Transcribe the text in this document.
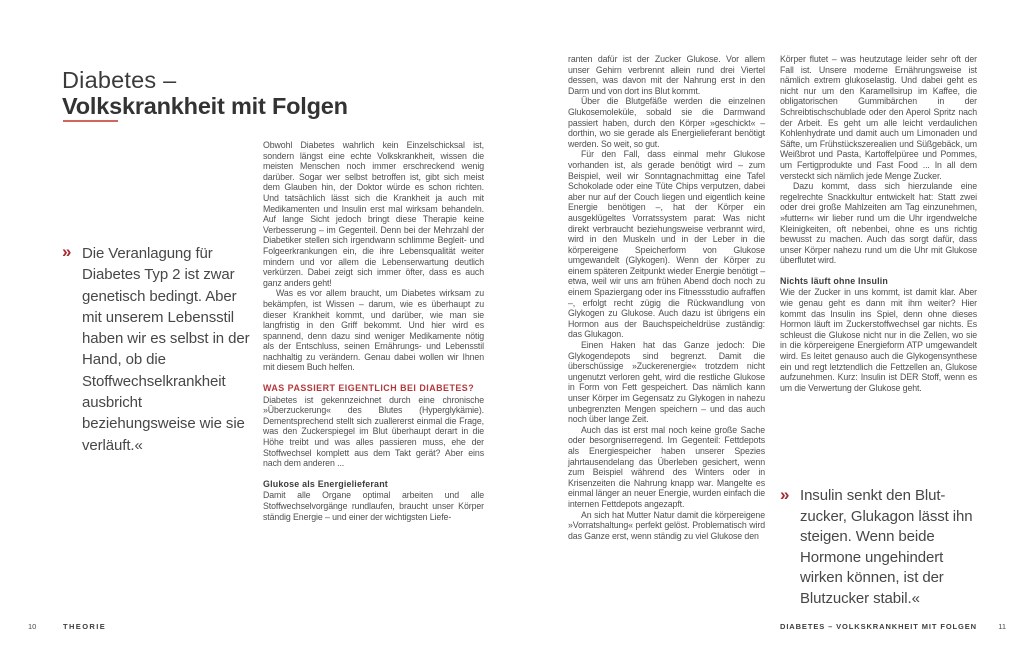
Diabetes –
Volkskrankheit mit Folgen
» Die Veranlagung für Diabetes Typ 2 ist zwar genetisch bedingt. Aber mit unserem Lebensstil haben wir es selbst in der Hand, ob die Stoffwechselkrankheit ausbricht beziehungsweise wie sie verläuft.«

Obwohl Diabetes wahrlich kein Einzelschicksal ist, sondern längst eine echte Volkskrankheit, wissen die meisten Menschen noch immer erschreckend wenig darüber. Sogar wer selbst betroffen ist, gibt sich meist dem Glauben hin, der Doktor würde es schon richten. Und tatsächlich lässt sich die Krankheit ja auch mit Medikamenten und Insulin erst mal wirksam behandeln. Auf lange Sicht jedoch bringt diese Therapie keine Verbesserung – im Gegenteil. Denn bei der Mehrzahl der Diabetiker stellen sich irgendwann schlimme Begleit- und Folgeerkrankungen ein, die ihre Lebensqualität weiter mindern und vor allem die Lebenserwartung deutlich verkürzen. Dabei zeigt sich immer öfter, dass es auch ganz anders geht!

Was es vor allem braucht, um Diabetes wirksam zu bekämpfen, ist Wissen – darum, wie es überhaupt zu dieser Krankheit kommt, und darüber, wie man sie langfristig in den Griff bekommt. Und hier wird es spannend, denn dazu sind weniger Medikamente nötig als der Entschluss, seinen Ernährungs- und Lebensstil nachhaltig zu verändern. Genau dabei wollen wir Ihnen mit diesem Buch helfen.

WAS PASSIERT EIGENTLICH BEI DIABETES?

Diabetes ist gekennzeichnet durch eine chronische »Überzuckerung« des Blutes (Hyperglykämie). Dementsprechend stellt sich zuallererst einmal die Frage, was den Zuckerspiegel im Blut überhaupt derart in die Höhe treibt und was alles passieren muss, ehe der Stoffwechsel komplett aus dem Takt gerät? Aber eins nach dem anderen ...

Glukose als Energielieferant

Damit alle Organe optimal arbeiten und alle Stoffwechselvorgänge rundlaufen, braucht unser Körper ständig Energie – und einer der wichtigsten Liefe-

10	THEORIE

ranten dafür ist der Zucker Glukose. Vor allem unser Gehirn verbrennt allein rund drei Viertel dessen, was davon mit der Nahrung erst in den Darm und von dort ins Blut kommt.

Über die Blutgefäße werden die einzelnen Glukosemoleküle, sobald sie die Darmwand passiert haben, durch den Körper »geschickt« – dorthin, wo sie gerade als Energielieferant benötigt werden. So weit, so gut.

Für den Fall, dass einmal mehr Glukose vorhanden ist, als gerade benötigt wird – zum Beispiel, weil wir Sonntagnachmittag eine Tafel Schokolade oder eine Tüte Chips verputzen, dabei aber nur auf der Couch liegen und eigentlich keine Energie benötigen –, hat der Körper ein ausgeklügeltes Vorratssystem parat: Was nicht direkt verbraucht beziehungsweise verbrannt wird, wird in den Muskeln und in der Leber in die körpereigene Speicherform von Glukose umgewandelt (Glykogen). Wenn der Körper zu einem späteren Zeitpunkt wieder Energie benötigt – etwa, weil wir uns am frühen Abend doch noch zu einem Spaziergang oder ins Fitnessstudio aufraffen –, erfolgt recht zügig die Rückwandlung von Glykogen zu Glukose. Auch dazu ist übrigens ein Hormon aus der Bauchspeicheldrüse zuständig: das Glukagon.

Einen Haken hat das Ganze jedoch: Die Glykogendepots sind begrenzt. Damit die überschüssige »Zuckerenergie« trotzdem nicht ungenutzt verloren geht, wird die restliche Glukose in Form von Fett gespeichert. Das nämlich kann unser Körper im Gegensatz zu Glykogen in nahezu unbegrenzten Mengen speichern – und das auch noch über lange Zeit.

Auch das ist erst mal noch keine große Sache oder besorgniserregend. Im Gegenteil: Fettdepots als Energiespeicher haben unserer Spezies jahrtausendelang das Überleben gesichert, wenn zum Beispiel während des Winters oder in Krisenzeiten die Nahrung knapp war. Mangelte es einmal länger an neuer Energie, wurden einfach die internen Fettdepots angezapft.

An sich hat Mutter Natur damit die körpereigene »Vorratshaltung« perfekt gelöst. Problematisch wird das Ganze erst, wenn ständig zu viel Glukose den

Körper flutet – was heutzutage leider sehr oft der Fall ist. Unsere moderne Ernährungsweise ist nämlich extrem glukoselastig. Und dabei geht es nicht nur um den Karamellsirup im Kaffee, die obligatorischen Gummibärchen in der Schreibtischschublade oder den Aperol Spritz nach der Arbeit. Es geht um alle leicht verdaulichen Kohlenhydrate und damit auch um Limonaden und Säfte, um Frühstückszerealien und Süßgebäck, um Weißbrot und Pasta, Kartoffelpüree und Pommes, um Fertigprodukte und Fast Food ... In all dem versteckt sich nämlich jede Menge Zucker.

Dazu kommt, dass sich hierzulande eine regelrechte Snackkultur entwickelt hat: Statt zwei oder drei große Mahlzeiten am Tag einzunehmen, »futtern« wir lieber rund um die Uhr irgendwelche Kleinigkeiten, oft nebenbei, ohne es uns richtig bewusst zu machen. Auch das sorgt dafür, dass unser Körper nahezu rund um die Uhr mit Glukose überflutet wird.

Nichts läuft ohne Insulin

Wie der Zucker in uns kommt, ist damit klar. Aber wie genau geht es dann mit ihm weiter? Hier kommt das Insulin ins Spiel, denn ohne dieses Hormon läuft im Zuckerstoffwechsel gar nichts. Es schleust die Glukose nicht nur in die Zellen, wo sie in die körpereigene Energieform ATP umgewandelt wird. Es leitet genauso auch die Glykogensynthese ein und regt letztendlich die Fettzellen an, Glukose aufzunehmen. Kurz: Insulin ist DER Stoff, wenn es um die Verwertung der Glukose geht.

» Insulin senkt den Blutzucker, Glukagon lässt ihn steigen. Wenn beide Hormone ungehindert wirken können, ist der Blutzucker stabil.«

DIABETES – VOLKSKRANKHEIT MIT FOLGEN	11
